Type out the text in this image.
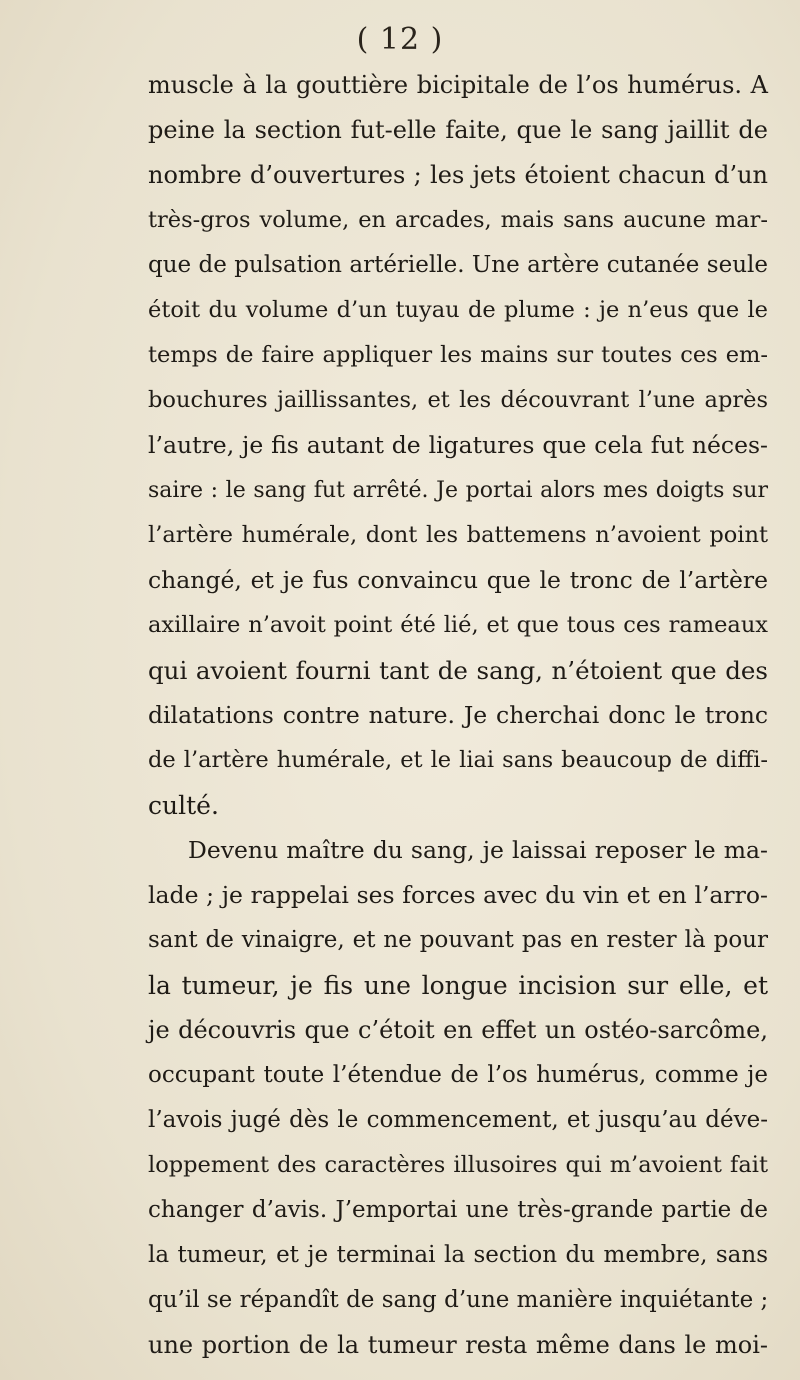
( 12 )
muscle à la gouttière bicipitale de l’os humérus. A
peine la section fut-elle faite, que le sang jaillit de
nombre d’ouvertures ; les jets étoient chacun d’un
très-gros volume, en arcades, mais sans aucune mar-
que de pulsation artérielle. Une artère cutanée seule
étoit du volume d’un tuyau de plume : je n’eus que le
temps de faire appliquer les mains sur toutes ces em-
bouchures jaillissantes, et les découvrant l’une après
l’autre, je fis autant de ligatures que cela fut néces-
saire : le sang fut arrêté. Je portai alors mes doigts sur
l’artère humérale, dont les battemens n’avoient point
changé, et je fus convaincu que le tronc de l’artère
axillaire n’avoit point été lié, et que tous ces rameaux
qui avoient fourni tant de sang, n’étoient que des
dilatations contre nature. Je cherchai donc le tronc
de l’artère humérale, et le liai sans beaucoup de diffi-
culté.
Devenu maître du sang, je laissai reposer le ma-
lade ; je rappelai ses forces avec du vin et en l’arro-
sant de vinaigre, et ne pouvant pas en rester là pour
la tumeur, je fis une longue incision sur elle, et
je découvris que c’étoit en effet un ostéo-sarcôme,
occupant toute l’étendue de l’os humérus, comme je
l’avois jugé dès le commencement, et jusqu’au déve-
loppement des caractères illusoires qui m’avoient fait
changer d’avis. J’emportai une très-grande partie de
la tumeur, et je terminai la section du membre, sans
qu’il se répandît de sang d’une manière inquiétante ;
une portion de la tumeur resta même dans le moi-
